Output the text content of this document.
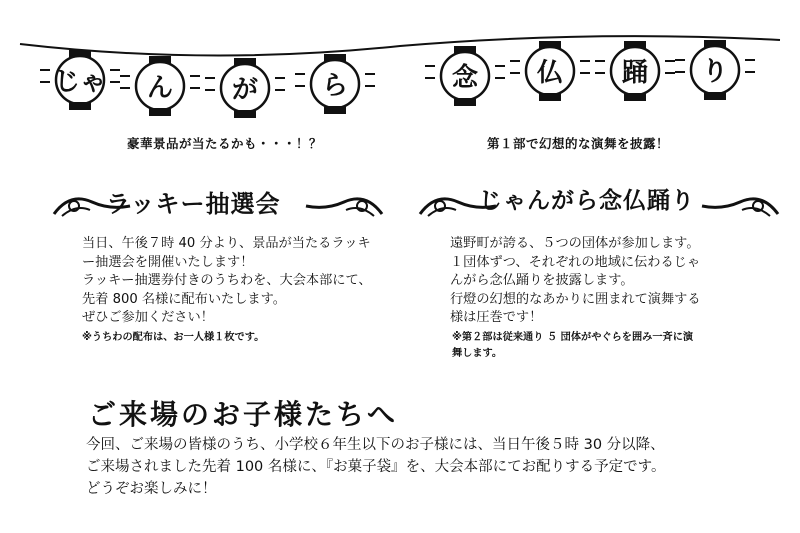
じゃ ん が ら	念 仏 踊 り
豪華景品が当たるかも・・・！？	第１部で幻想的な演舞を披露！
ラッキー抽選会
当日、午後７時 40 分より、景品が当たるラッキ
ー抽選会を開催いたします！
ラッキー抽選券付きのうちわを、大会本部にて、
先着 800 名様に配布いたします。
ぜひご参加ください！
※うちわの配布は、お一人様１枚です。
じゃんがら念仏踊り
遠野町が誇る、５つの団体が参加します。
１団体ずつ、それぞれの地域に伝わるじゃ
んがら念仏踊りを披露します。
行燈の幻想的なあかりに囲まれて演舞する
様は圧巻です！
※第２部は従来通り ５ 団体がやぐらを囲み一斉に演
舞します。
ご来場のお子様たちへ
今回、ご来場の皆様のうち、小学校６年生以下のお子様には、当日午後５時 30 分以降、
ご来場されました先着 100 名様に、『お菓子袋』を、大会本部にてお配りする予定です。
どうぞお楽しみに！
